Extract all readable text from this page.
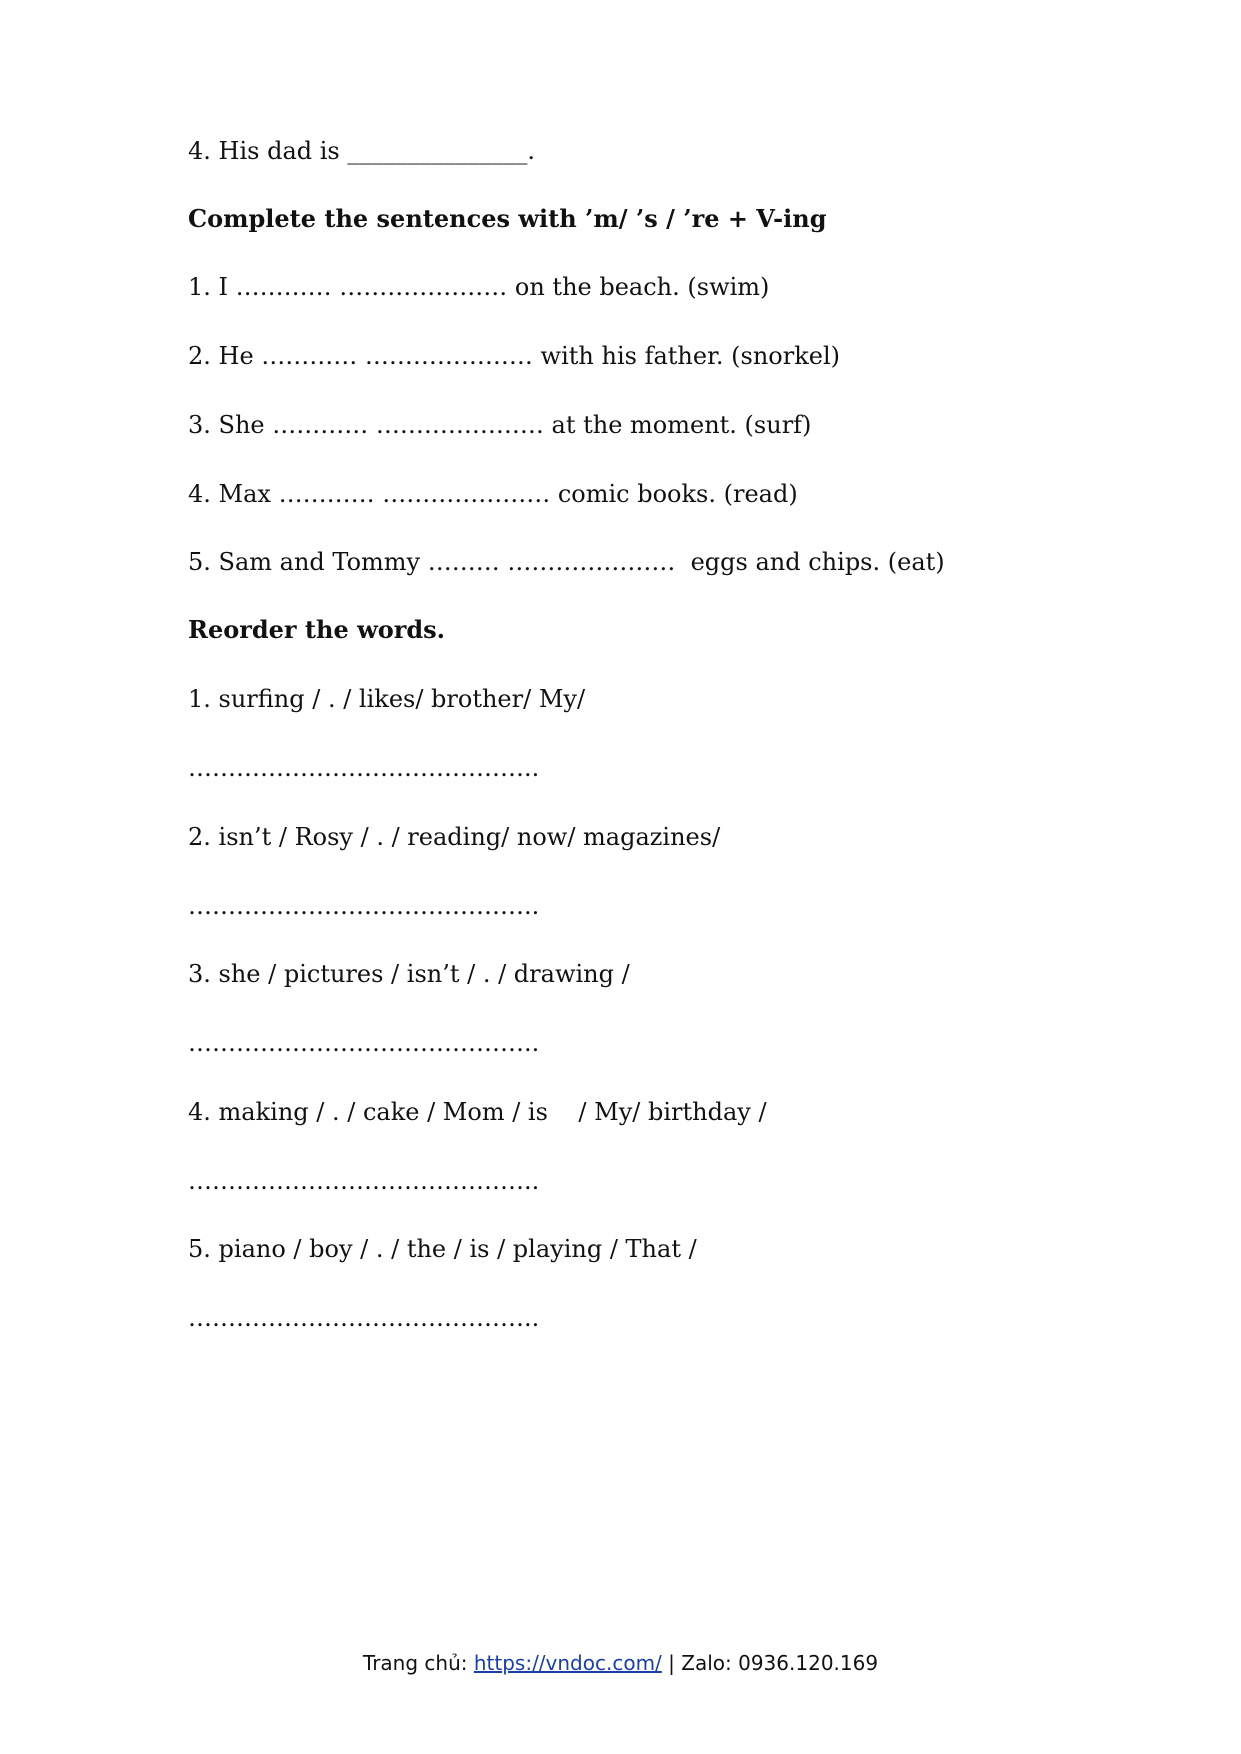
4. His dad is _______________.
Complete the sentences with ’m/ ’s / ’re + V-ing
1. I ………… ………………… on the beach. (swim)
2. He ………… ………………… with his father. (snorkel)
3. She ………… ………………… at the moment. (surf)
4. Max ………… ………………… comic books. (read)
5. Sam and Tommy ……… …………………  eggs and chips. (eat)
Reorder the words.
1. surfing / . / likes/ brother/ My/
……………………………………..
2. isn’t / Rosy / . / reading/ now/ magazines/
……………………………………..
3. she / pictures / isn’t / . / drawing /
……………………………………..
4. making / . / cake / Mom / is    / My/ birthday /
……………………………………..
5. piano / boy / . / the / is / playing / That /
……………………………………..
Trang chủ: https://vndoc.com/ | Zalo: 0936.120.169
